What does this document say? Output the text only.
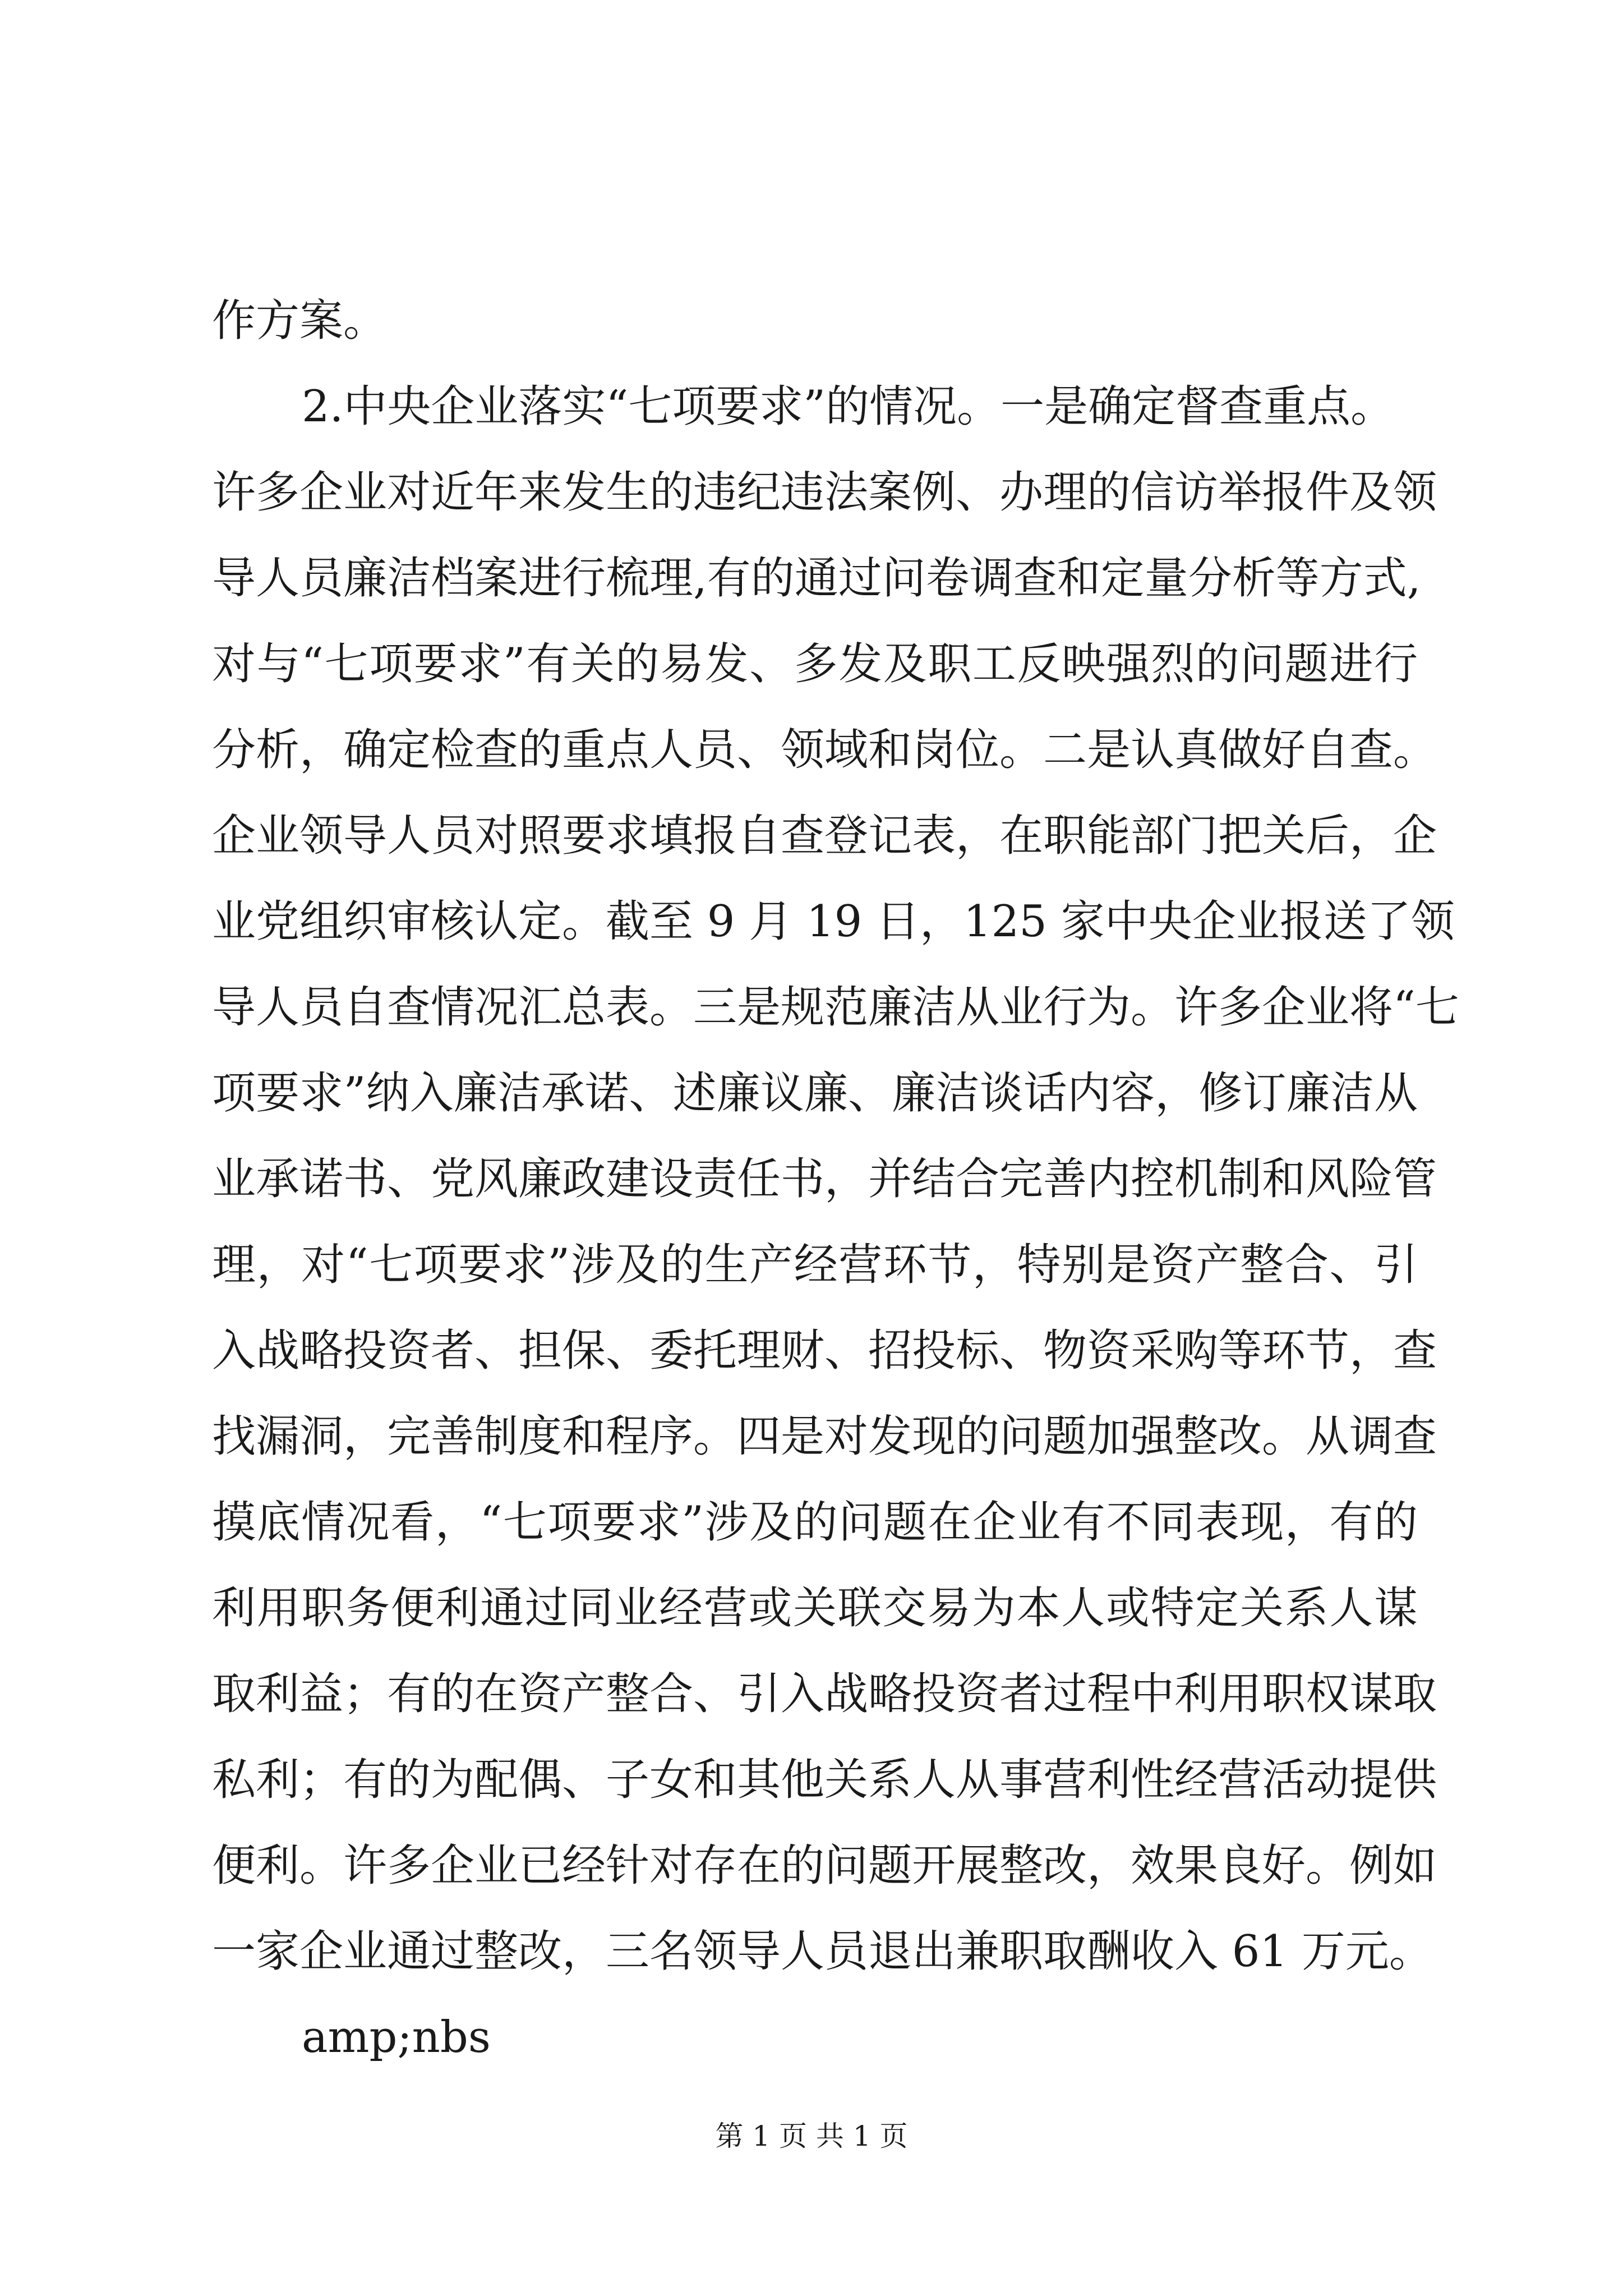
作方案。
2.中央企业落实“七项要求”的情况。一是确定督查重点。
许多企业对近年来发生的违纪违法案例、办理的信访举报件及领
导人员廉洁档案进行梳理,有的通过问卷调查和定量分析等方式,
对与“七项要求”有关的易发、多发及职工反映强烈的问题进行
分析，确定检查的重点人员、领域和岗位。二是认真做好自查。
企业领导人员对照要求填报自查登记表，在职能部门把关后，企
业党组织审核认定。截至 9 月 19 日，125 家中央企业报送了领
导人员自查情况汇总表。三是规范廉洁从业行为。许多企业将“七
项要求”纳入廉洁承诺、述廉议廉、廉洁谈话内容，修订廉洁从
业承诺书、党风廉政建设责任书，并结合完善内控机制和风险管
理，对“七项要求”涉及的生产经营环节，特别是资产整合、引
入战略投资者、担保、委托理财、招投标、物资采购等环节，查
找漏洞，完善制度和程序。四是对发现的问题加强整改。从调查
摸底情况看，“七项要求”涉及的问题在企业有不同表现，有的
利用职务便利通过同业经营或关联交易为本人或特定关系人谋
取利益；有的在资产整合、引入战略投资者过程中利用职权谋取
私利；有的为配偶、子女和其他关系人从事营利性经营活动提供
便利。许多企业已经针对存在的问题开展整改，效果良好。例如
一家企业通过整改，三名领导人员退出兼职取酬收入 61 万元。
amp;nbs
第 1 页 共 1 页
